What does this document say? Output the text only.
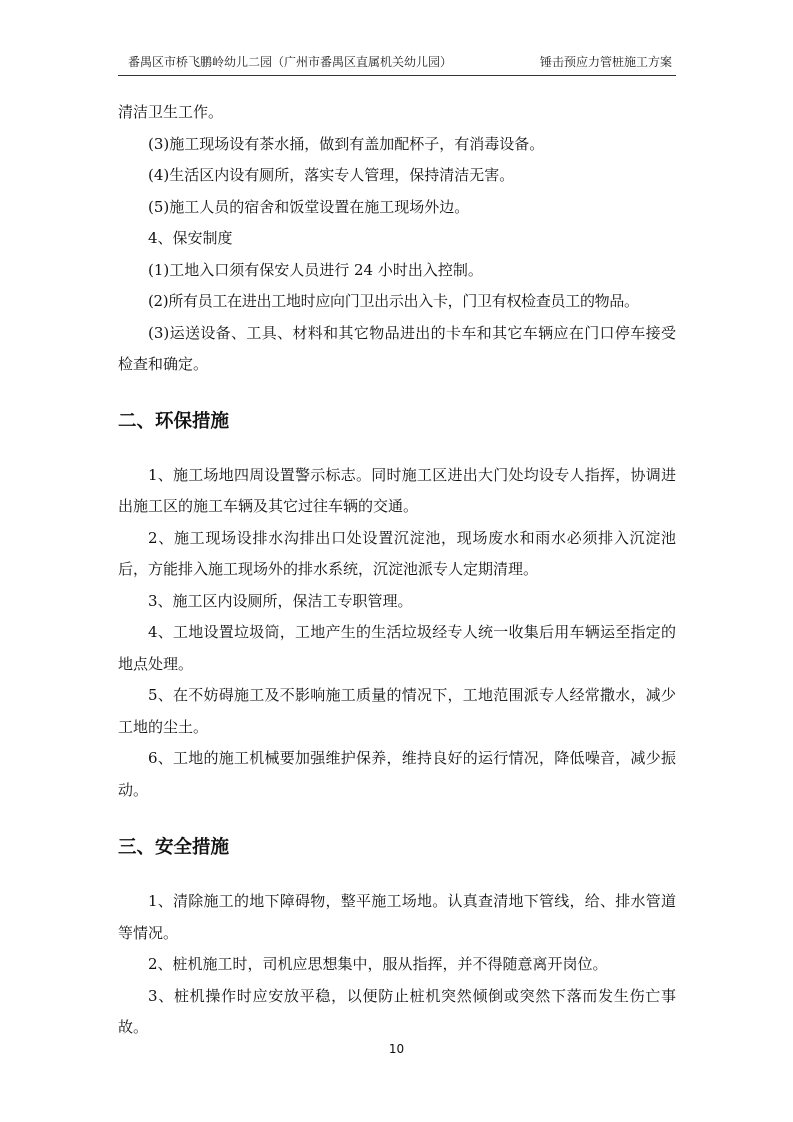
番禺区市桥飞鹏岭幼儿二园（广州市番禺区直属机关幼儿园）	锤击预应力管桩施工方案

清洁卫生工作。

(3)施工现场设有茶水捅，做到有盖加配杯子，有消毒设备。

(4)生活区内设有厕所，落实专人管理，保持清洁无害。

(5)施工人员的宿舍和饭堂设置在施工现场外边。

4、保安制度

(1)工地入口须有保安人员进行 24 小时出入控制。

(2)所有员工在进出工地时应向门卫出示出入卡，门卫有权检查员工的物品。

(3)运送设备、工具、材料和其它物品进出的卡车和其它车辆应在门口停车接受检查和确定。

二、环保措施

1、施工场地四周设置警示标志。同时施工区进出大门处均设专人指挥，协调进出施工区的施工车辆及其它过往车辆的交通。

2、施工现场设排水沟排出口处设置沉淀池，现场废水和雨水必须排入沉淀池后，方能排入施工现场外的排水系统，沉淀池派专人定期清理。

3、施工区内设厕所，保洁工专职管理。

4、工地设置垃圾筒，工地产生的生活垃圾经专人统一收集后用车辆运至指定的地点处理。

5、在不妨碍施工及不影响施工质量的情况下，工地范围派专人经常撒水，减少工地的尘土。

6、工地的施工机械要加强维护保养，维持良好的运行情况，降低噪音，减少振动。

三、安全措施

1、清除施工的地下障碍物，整平施工场地。认真查清地下管线，给、排水管道等情况。

2、桩机施工时，司机应思想集中，服从指挥，并不得随意离开岗位。

3、桩机操作时应安放平稳，以便防止桩机突然倾倒或突然下落而发生伤亡事故。

10
